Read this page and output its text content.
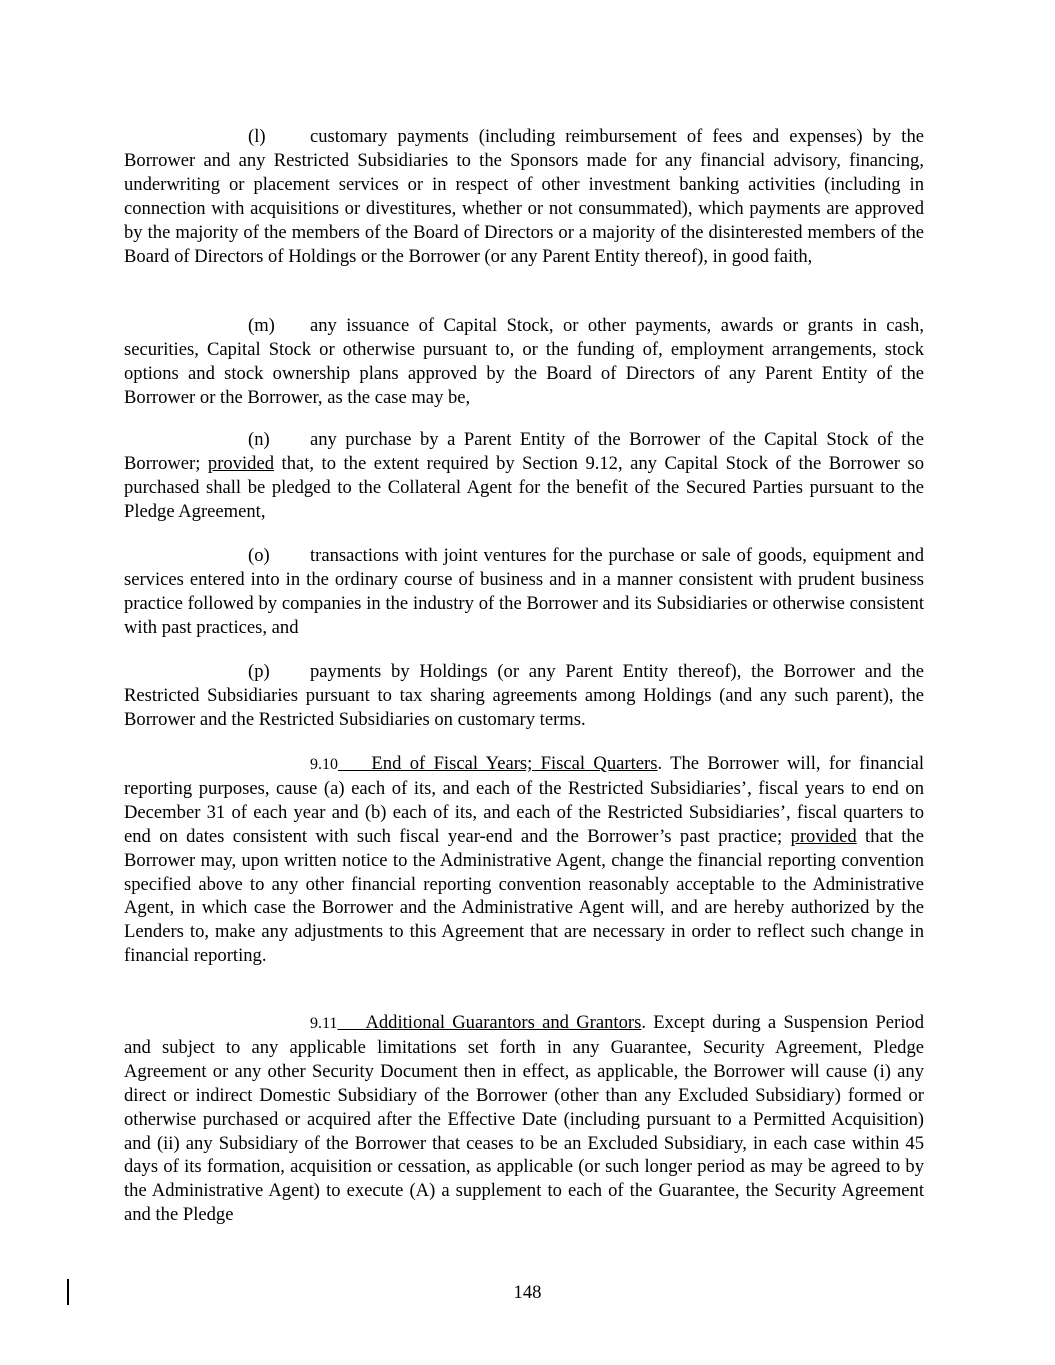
(l) customary payments (including reimbursement of fees and expenses) by the Borrower and any Restricted Subsidiaries to the Sponsors made for any financial advisory, financing, underwriting or placement services or in respect of other investment banking activities (including in connection with acquisitions or divestitures, whether or not consummated), which payments are approved by the majority of the members of the Board of Directors or a majority of the disinterested members of the Board of Directors of Holdings or the Borrower (or any Parent Entity thereof), in good faith,

(m) any issuance of Capital Stock, or other payments, awards or grants in cash, securities, Capital Stock or otherwise pursuant to, or the funding of, employment arrangements, stock options and stock ownership plans approved by the Board of Directors of any Parent Entity of the Borrower or the Borrower, as the case may be,

(n) any purchase by a Parent Entity of the Borrower of the Capital Stock of the Borrower; provided that, to the extent required by Section 9.12, any Capital Stock of the Borrower so purchased shall be pledged to the Collateral Agent for the benefit of the Secured Parties pursuant to the Pledge Agreement,

(o) transactions with joint ventures for the purchase or sale of goods, equipment and services entered into in the ordinary course of business and in a manner consistent with prudent business practice followed by companies in the industry of the Borrower and its Subsidiaries or otherwise consistent with past practices, and

(p) payments by Holdings (or any Parent Entity thereof), the Borrower and the Restricted Subsidiaries pursuant to tax sharing agreements among Holdings (and any such parent), the Borrower and the Restricted Subsidiaries on customary terms.

9.10 End of Fiscal Years; Fiscal Quarters. The Borrower will, for financial reporting purposes, cause (a) each of its, and each of the Restricted Subsidiaries’, fiscal years to end on December 31 of each year and (b) each of its, and each of the Restricted Subsidiaries’, fiscal quarters to end on dates consistent with such fiscal year-end and the Borrower’s past practice; provided that the Borrower may, upon written notice to the Administrative Agent, change the financial reporting convention specified above to any other financial reporting convention reasonably acceptable to the Administrative Agent, in which case the Borrower and the Administrative Agent will, and are hereby authorized by the Lenders to, make any adjustments to this Agreement that are necessary in order to reflect such change in financial reporting.

9.11 Additional Guarantors and Grantors. Except during a Suspension Period and subject to any applicable limitations set forth in any Guarantee, Security Agreement, Pledge Agreement or any other Security Document then in effect, as applicable, the Borrower will cause (i) any direct or indirect Domestic Subsidiary of the Borrower (other than any Excluded Subsidiary) formed or otherwise purchased or acquired after the Effective Date (including pursuant to a Permitted Acquisition) and (ii) any Subsidiary of the Borrower that ceases to be an Excluded Subsidiary, in each case within 45 days of its formation, acquisition or cessation, as applicable (or such longer period as may be agreed to by the Administrative Agent) to execute (A) a supplement to each of the Guarantee, the Security Agreement and the Pledge

148
